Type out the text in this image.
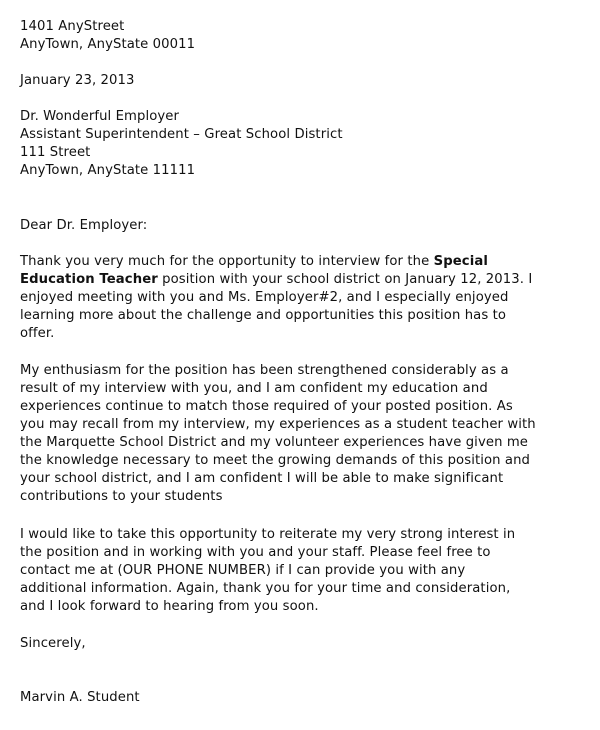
1401 AnyStreet
AnyTown, AnyState 00011
January 23, 2013
Dr. Wonderful Employer
Assistant Superintendent – Great School District
111 Street
AnyTown, AnyState 11111
Dear Dr. Employer:
Thank you very much for the opportunity to interview for the Special
Education Teacher position with your school district on January 12, 2013. I
enjoyed meeting with you and Ms. Employer#2, and I especially enjoyed
learning more about the challenge and opportunities this position has to
offer.
My enthusiasm for the position has been strengthened considerably as a
result of my interview with you, and I am confident my education and
experiences continue to match those required of your posted position. As
you may recall from my interview, my experiences as a student teacher with
the Marquette School District and my volunteer experiences have given me
the knowledge necessary to meet the growing demands of this position and
your school district, and I am confident I will be able to make significant
contributions to your students
I would like to take this opportunity to reiterate my very strong interest in
the position and in working with you and your staff. Please feel free to
contact me at (OUR PHONE NUMBER) if I can provide you with any
additional information. Again, thank you for your time and consideration,
and I look forward to hearing from you soon.
Sincerely,
Marvin A. Student
